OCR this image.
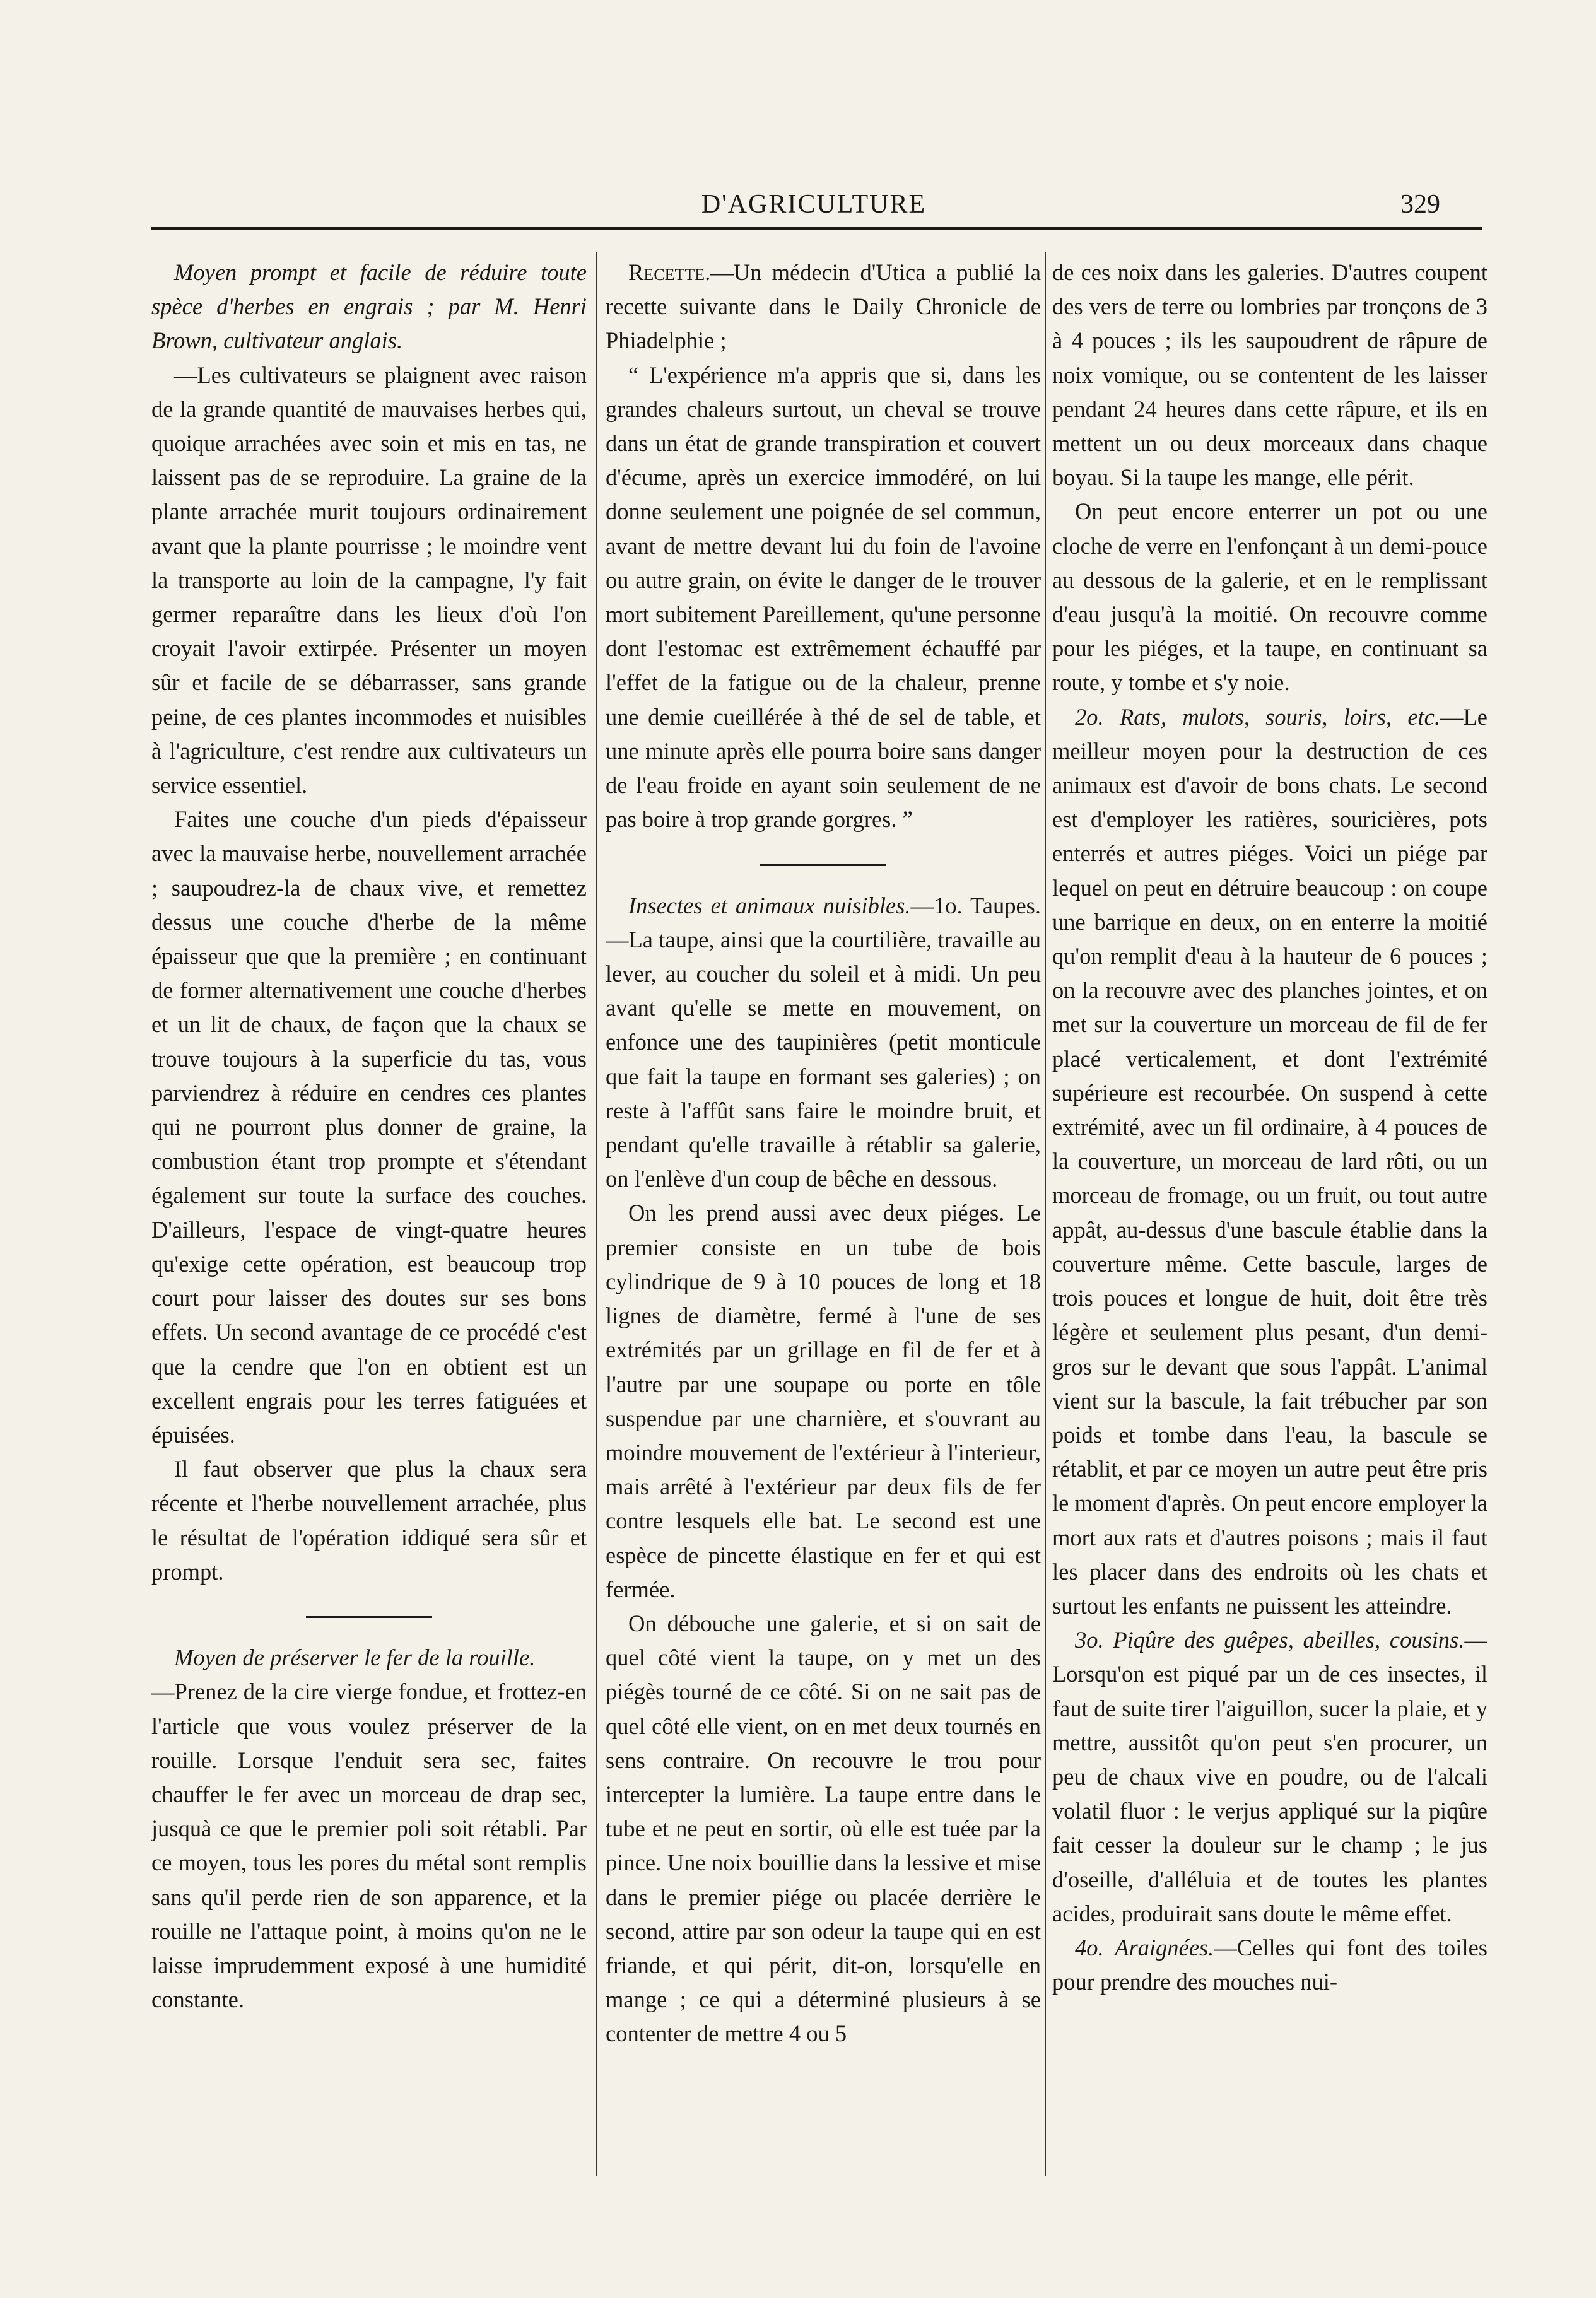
D'AGRICULTURE	329

Moyen prompt et facile de réduire toute spèce d'herbes en engrais ; par M. Henri Brown, cultivateur anglais.

—Les cultivateurs se plaignent avec raison de la grande quantité de mauvaises herbes qui, quoique arrachées avec soin et mis en tas, ne laissent pas de se reproduire. La graine de la plante arrachée murit toujours ordinairement avant que la plante pourrisse ; le moindre vent la transporte au loin de la campagne, l'y fait germer reparaître dans les lieux d'où l'on croyait l'avoir extirpée. Présenter un moyen sûr et facile de se débarrasser, sans grande peine, de ces plantes incommodes et nuisibles à l'agriculture, c'est rendre aux cultivateurs un service essentiel.

Faites une couche d'un pieds d'épaisseur avec la mauvaise herbe, nouvellement arrachée ; saupoudrez-la de chaux vive, et remettez dessus une couche d'herbe de la même épaisseur que que la première ; en continuant de former alternativement une couche d'herbes et un lit de chaux, de façon que la chaux se trouve toujours à la superficie du tas, vous parviendrez à réduire en cendres ces plantes qui ne pourront plus donner de graine, la combustion étant trop prompte et s'étendant également sur toute la surface des couches. D'ailleurs, l'espace de vingt-quatre heures qu'exige cette opération, est beaucoup trop court pour laisser des doutes sur ses bons effets. Un second avantage de ce procédé c'est que la cendre que l'on en obtient est un excellent engrais pour les terres fatiguées et épuisées.

Il faut observer que plus la chaux sera récente et l'herbe nouvellement arrachée, plus le résultat de l'opération iddiqué sera sûr et prompt.

Moyen de préserver le fer de la rouille.

—Prenez de la cire vierge fondue, et frottez-en l'article que vous voulez préserver de la rouille. Lorsque l'enduit sera sec, faites chauffer le fer avec un morceau de drap sec, jusquà ce que le premier poli soit rétabli. Par ce moyen, tous les pores du métal sont remplis sans qu'il perde rien de son apparence, et la rouille ne l'attaque point, à moins qu'on ne le laisse imprudemment exposé à une humidité constante.

Recette.—Un médecin d'Utica a publié la recette suivante dans le Daily Chronicle de Phiadelphie ;

“ L'expérience m'a appris que si, dans les grandes chaleurs surtout, un cheval se trouve dans un état de grande transpiration et couvert d'écume, après un exercice immodéré, on lui donne seulement une poignée de sel commun, avant de mettre devant lui du foin de l'avoine ou autre grain, on évite le danger de le trouver mort subitement Pareillement, qu'une personne dont l'estomac est extrêmement échauffé par l'effet de la fatigue ou de la chaleur, prenne une demie cueillérée à thé de sel de table, et une minute après elle pourra boire sans danger de l'eau froide en ayant soin seulement de ne pas boire à trop grande gorgres. ”

Insectes et animaux nuisibles.—1o. Taupes.—La taupe, ainsi que la courtilière, travaille au lever, au coucher du soleil et à midi. Un peu avant qu'elle se mette en mouvement, on enfonce une des taupinières (petit monticule que fait la taupe en formant ses galeries) ; on reste à l'affût sans faire le moindre bruit, et pendant qu'elle travaille à rétablir sa galerie, on l'enlève d'un coup de bêche en dessous.

On les prend aussi avec deux piéges. Le premier consiste en un tube de bois cylindrique de 9 à 10 pouces de long et 18 lignes de diamètre, fermé à l'une de ses extrémités par un grillage en fil de fer et à l'autre par une soupape ou porte en tôle suspendue par une charnière, et s'ouvrant au moindre mouvement de l'extérieur à l'interieur, mais arrêté à l'extérieur par deux fils de fer contre lesquels elle bat. Le second est une espèce de pincette élastique en fer et qui est fermée.

On débouche une galerie, et si on sait de quel côté vient la taupe, on y met un des piégès tourné de ce côté. Si on ne sait pas de quel côté elle vient, on en met deux tournés en sens contraire. On recouvre le trou pour intercepter la lumière. La taupe entre dans le tube et ne peut en sortir, où elle est tuée par la pince. Une noix bouillie dans la lessive et mise dans le premier piége ou placée derrière le second, attire par son odeur la taupe qui en est friande, et qui périt, dit-on, lorsqu'elle en mange ; ce qui a déterminé plusieurs à se contenter de mettre 4 ou 5

de ces noix dans les galeries. D'autres coupent des vers de terre ou lombries par tronçons de 3 à 4 pouces ; ils les saupoudrent de râpure de noix vomique, ou se contentent de les laisser pendant 24 heures dans cette râpure, et ils en mettent un ou deux morceaux dans chaque boyau. Si la taupe les mange, elle périt.

On peut encore enterrer un pot ou une cloche de verre en l'enfonçant à un demi-pouce au dessous de la galerie, et en le remplissant d'eau jusqu'à la moitié. On recouvre comme pour les piéges, et la taupe, en continuant sa route, y tombe et s'y noie.

2o. Rats, mulots, souris, loirs, etc.—Le meilleur moyen pour la destruction de ces animaux est d'avoir de bons chats. Le second est d'employer les ratières, souricières, pots enterrés et autres piéges. Voici un piége par lequel on peut en détruire beaucoup : on coupe une barrique en deux, on en enterre la moitié qu'on remplit d'eau à la hauteur de 6 pouces ; on la recouvre avec des planches jointes, et on met sur la couverture un morceau de fil de fer placé verticalement, et dont l'extrémité supérieure est recourbée. On suspend à cette extrémité, avec un fil ordinaire, à 4 pouces de la couverture, un morceau de lard rôti, ou un morceau de fromage, ou un fruit, ou tout autre appât, au-dessus d'une bascule établie dans la couverture même. Cette bascule, larges de trois pouces et longue de huit, doit être très légère et seulement plus pesant, d'un demi-gros sur le devant que sous l'appât. L'animal vient sur la bascule, la fait trébucher par son poids et tombe dans l'eau, la bascule se rétablit, et par ce moyen un autre peut être pris le moment d'après. On peut encore employer la mort aux rats et d'autres poisons ; mais il faut les placer dans des endroits où les chats et surtout les enfants ne puissent les atteindre.

3o. Piqûre des guêpes, abeilles, cousins.—Lorsqu'on est piqué par un de ces insectes, il faut de suite tirer l'aiguillon, sucer la plaie, et y mettre, aussitôt qu'on peut s'en procurer, un peu de chaux vive en poudre, ou de l'alcali volatil fluor : le verjus appliqué sur la piqûre fait cesser la douleur sur le champ ; le jus d'oseille, d'alléluia et de toutes les plantes acides, produirait sans doute le même effet.

4o. Araignées.—Celles qui font des toiles pour prendre des mouches nui-
